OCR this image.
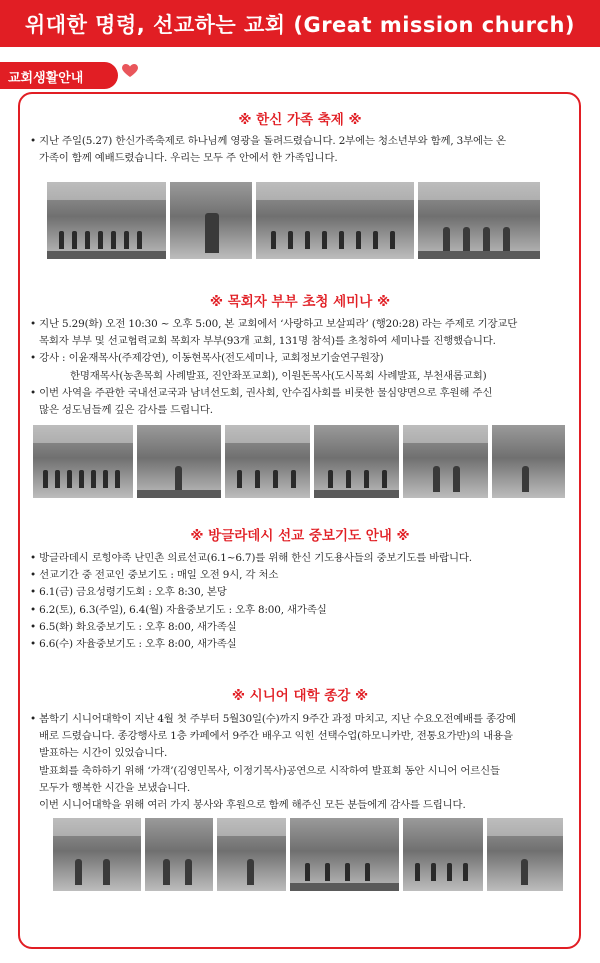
위대한 명령, 선교하는 교회 (Great mission church)
교회생활안내
※ 한신 가족 축제 ※

• 지난 주일(5.27) 한신가족축제로 하나님께 영광을 돌려드렸습니다. 2부에는 청소년부와 함께, 3부에는 온

가족이 함께 예배드렸습니다. 우리는 모두 주 안에서 한 가족입니다.

※ 목회자 부부 초청 세미나 ※

• 지난 5.29(화) 오전 10:30 ~ 오후 5:00, 본 교회에서 ‘사랑하고 보살피라’ (행20:28) 라는 주제로 기장교단

목회자 부부 및 선교협력교회 목회자 부부(93개 교회, 131명 참석)를 초청하여 세미나를 진행했습니다.

• 강사 : 이윤재목사(주제강연), 이동현목사(전도세미나, 교회정보기술연구원장)

한명재목사(농촌목회 사례발표, 진안좌포교회), 이원돈목사(도시목회 사례발표, 부천새롬교회)

• 이번 사역을 주관한 국내선교국과 남녀선도회, 권사회, 안수집사회를 비롯한 물심양면으로 후원해 주신

많은 성도님들께 깊은 감사를 드립니다.

※ 방글라데시 선교 중보기도 안내 ※

• 방글라데시 로힝야족 난민촌 의료선교(6.1~6.7)를 위해 한신 기도용사들의 중보기도를 바랍니다.

• 선교기간 중 전교인 중보기도 : 매일 오전 9시, 각 처소

• 6.1(금) 금요성령기도회 : 오후 8:30, 본당

• 6.2(토), 6.3(주일), 6.4(월) 자율중보기도 : 오후 8:00, 새가족실

• 6.5(화) 화요중보기도 : 오후 8:00, 새가족실

• 6.6(수) 자율중보기도 : 오후 8:00, 새가족실

※ 시니어 대학 종강 ※

• 봄학기 시니어대학이 지난 4월 첫 주부터 5월30일(수)까지 9주간 과정 마치고, 지난 수요오전예배를 종강예

배로 드렸습니다. 종강행사로 1층 카페에서 9주간 배우고 익힌 선택수업(하모니카반, 전통요가반)의 내용을

발표하는 시간이 있었습니다.

발표회를 축하하기 위해 ‘가객’(김영민목사, 이정기목사)공연으로 시작하여 발표회 동안 시니어 어르신들

모두가 행복한 시간을 보냈습니다.

이번 시니어대학을 위해 여러 가지 봉사와 후원으로 함께 해주신 모든 분들에게 감사를 드립니다.
